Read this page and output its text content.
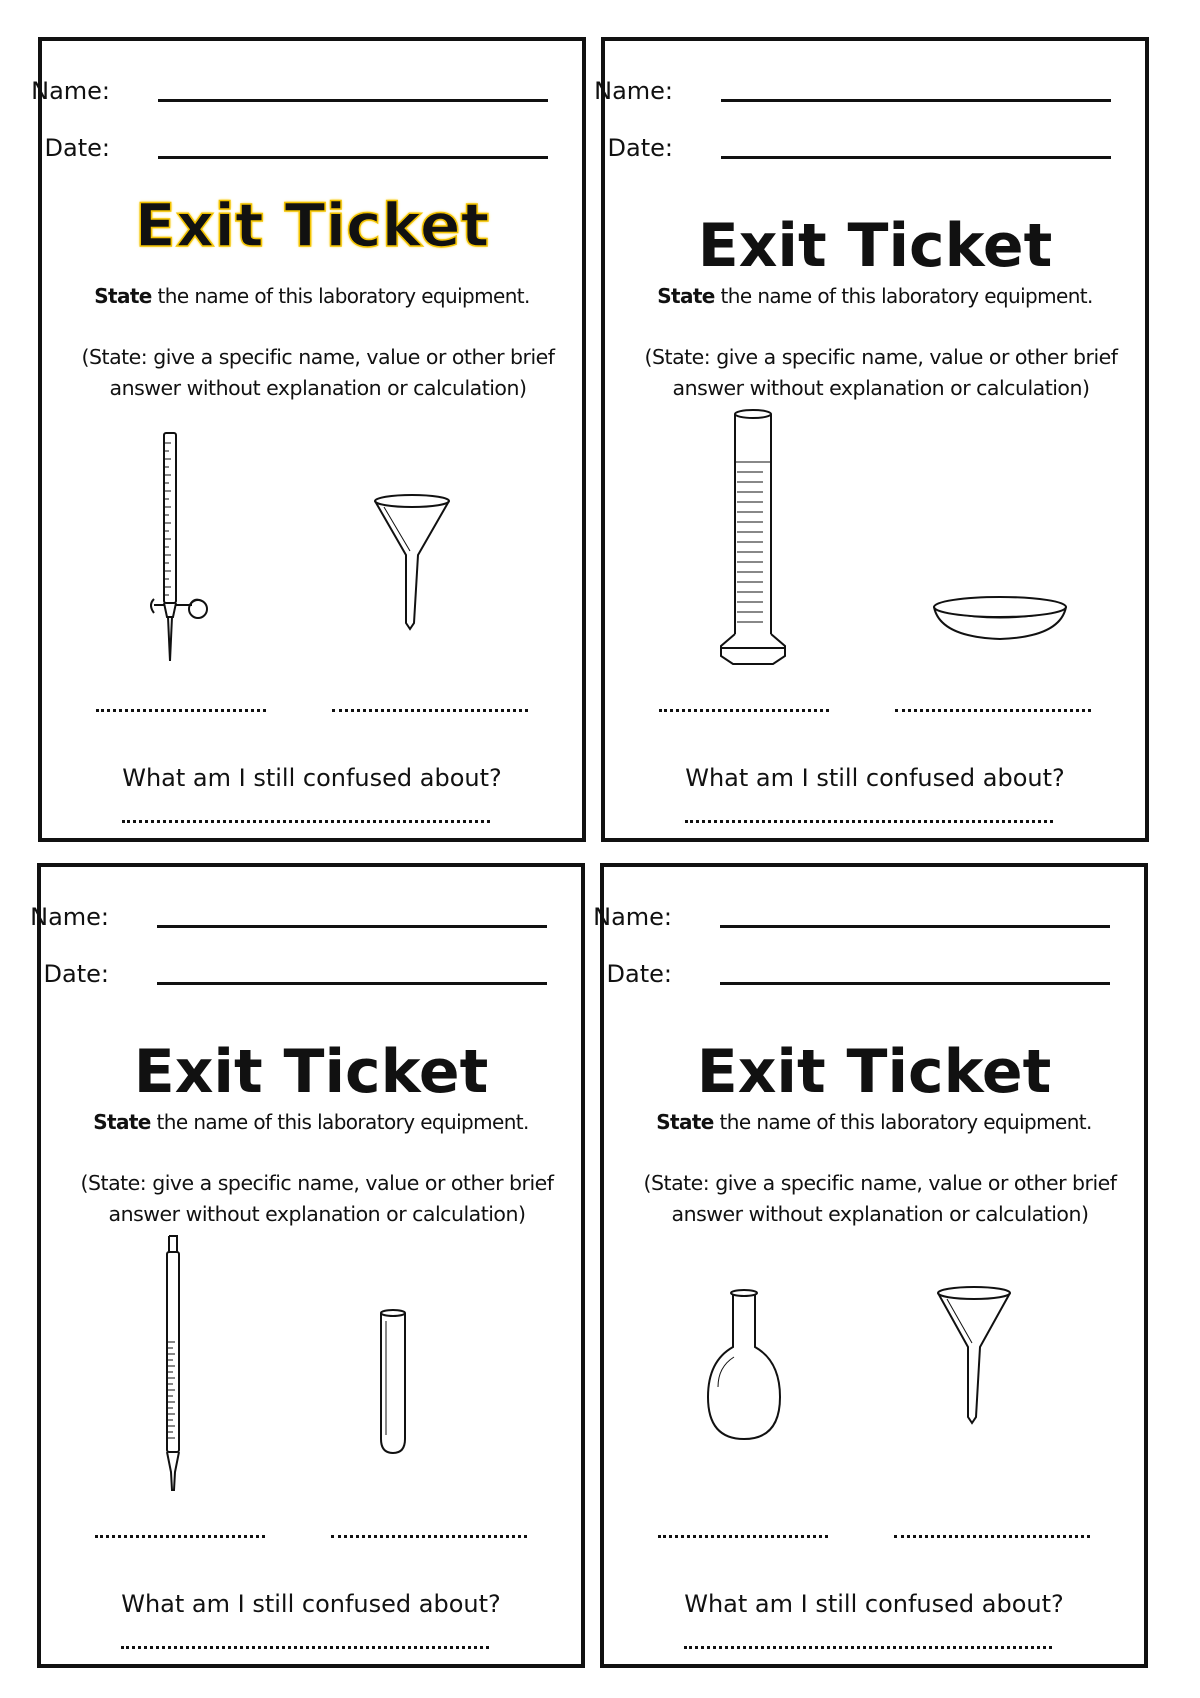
Name:
Date:
Exit Ticket
State the name of this laboratory equipment.
(State: give a specific name, value or other brief
answer without explanation or calculation)
What am I still confused about?
Name:
Date:
Exit Ticket
State the name of this laboratory equipment.
(State: give a specific name, value or other brief
answer without explanation or calculation)
What am I still confused about?
Name:
Date:
Exit Ticket
State the name of this laboratory equipment.
(State: give a specific name, value or other brief
answer without explanation or calculation)
What am I still confused about?
Name:
Date:
Exit Ticket
State the name of this laboratory equipment.
(State: give a specific name, value or other brief
answer without explanation or calculation)
What am I still confused about?
